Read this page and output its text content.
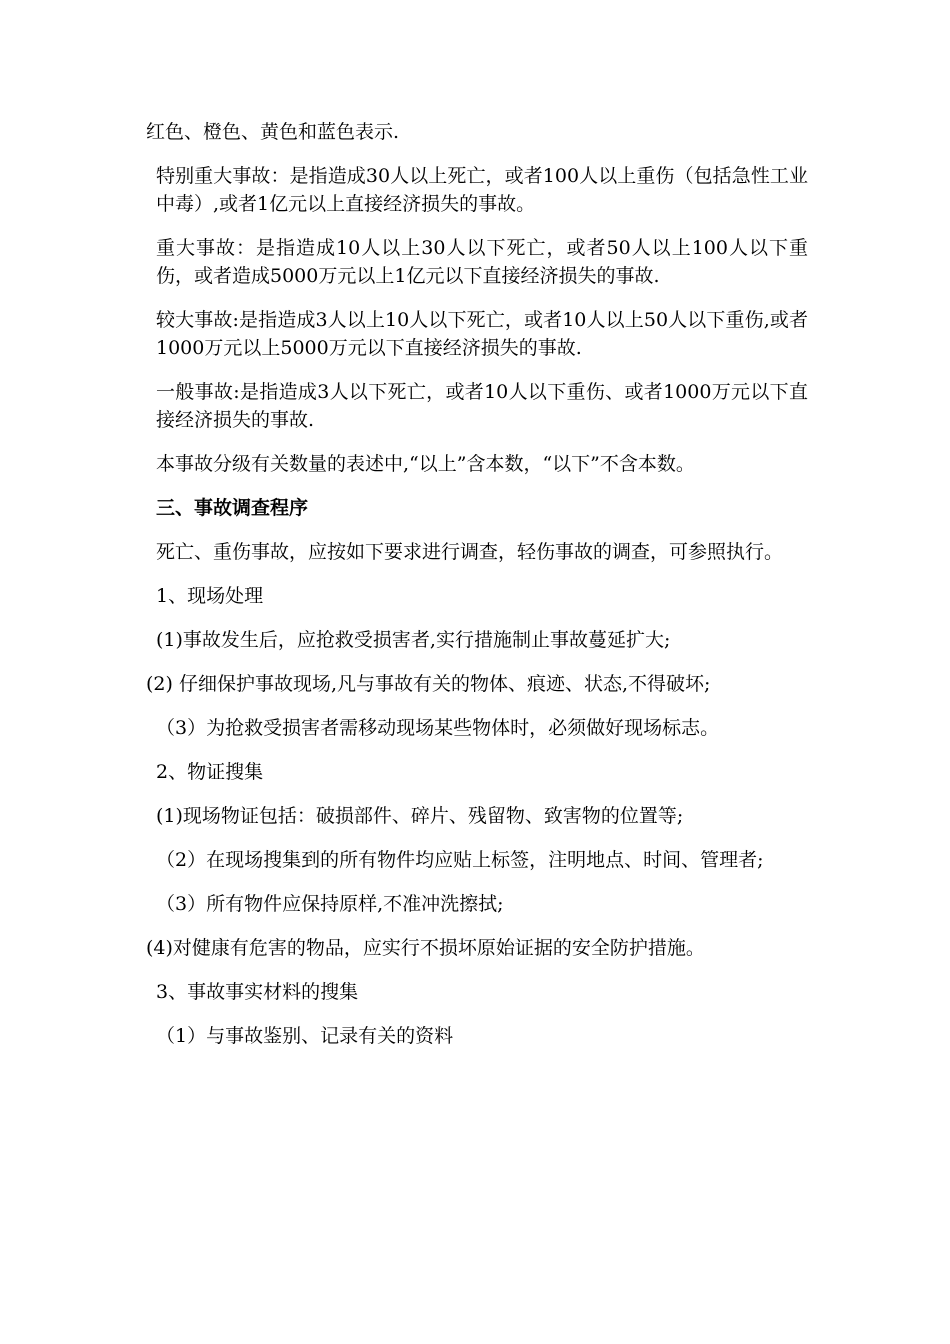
红色、橙色、黄色和蓝色表示.

特别重大事故：是指造成30人以上死亡，或者100人以上重伤（包括急性工业中毒）,或者1亿元以上直接经济损失的事故。

重大事故：是指造成10人以上30人以下死亡，或者50人以上100人以下重伤，或者造成5000万元以上1亿元以下直接经济损失的事故.

较大事故:是指造成3人以上10人以下死亡，或者10人以上50人以下重伤,或者1000万元以上5000万元以下直接经济损失的事故.

一般事故:是指造成3人以下死亡，或者10人以下重伤、或者1000万元以下直接经济损失的事故.

本事故分级有关数量的表述中,“以上”含本数，“以下”不含本数。

三、事故调查程序

死亡、重伤事故，应按如下要求进行调查，轻伤事故的调查，可参照执行。

1、现场处理

(1)事故发生后，应抢救受损害者,实行措施制止事故蔓延扩大;

(2) 仔细保护事故现场,凡与事故有关的物体、痕迹、状态,不得破坏;

（3）为抢救受损害者需移动现场某些物体时，必须做好现场标志。

2、物证搜集

(1)现场物证包括：破损部件、碎片、残留物、致害物的位置等;

（2）在现场搜集到的所有物件均应贴上标签，注明地点、时间、管理者;

（3）所有物件应保持原样,不准冲洗擦拭;

(4)对健康有危害的物品，应实行不损坏原始证据的安全防护措施。

3、事故事实材料的搜集

（1）与事故鉴别、记录有关的资料
